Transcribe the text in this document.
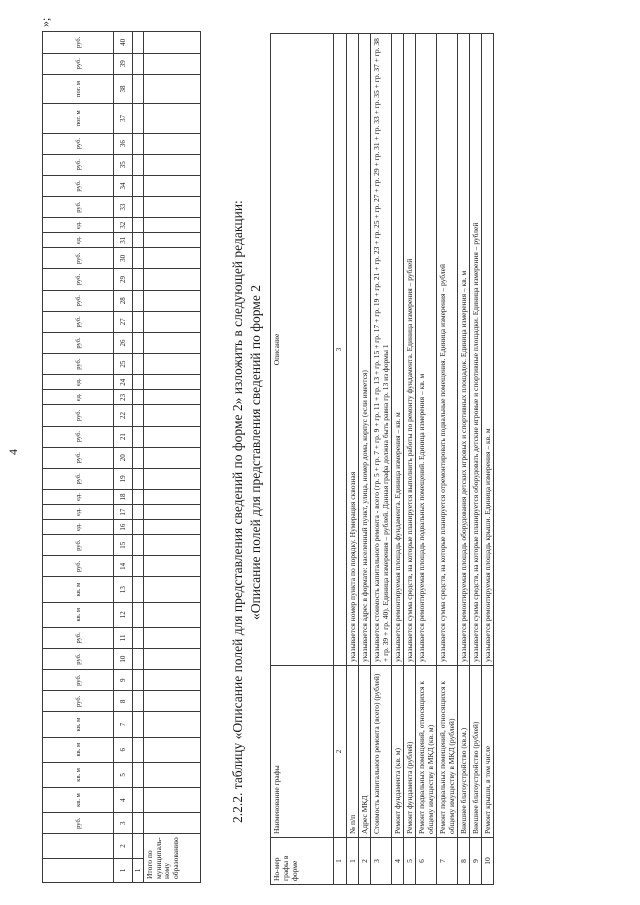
4
		руб.	кв. м	кв. м	кв. м	кв. м	руб.	руб.	руб.	руб.	кв. м	кв. м	руб.	руб.	ед.	ед.	ед.	руб.	руб.	руб.	руб.	ед.	ед.	руб.	руб.	руб.	руб.	руб.	руб.	ед.	ед.	руб.	руб.	руб.	руб.	пог. м	пог. м	руб.	руб.
1	2	3	4	5	6	7	8	9	10	11	12	13	14	15	16	17	18	19	20	21	22	23	24	25	26	27	28	29	30	31	32	33	34	35	36	37	38	39	40
1																																							
Итого по муниципаль-ному образованию																																							
»;
2.2.2. таблицу «Описание полей для представления сведений по форме 2» изложить в следующей редакции: «Описание полей для представления сведений по форме 2
Но-мер графы в форме	Наименование графы	Описание
1	2	3
1	№ п/п	указывается номер пункта по порядку. Нумерация сквозная
2	Адрес МКД	указывается адрес в формате: населенный пункт, улица, номер дома, корпус (если имеется)
3	Стоимость капитального ремонта (всего) (рублей)	указывается стоимость капитального ремонта - всего (гр. 5 + гр. 7 + гр. 9 + гр. 11 + гр. 13 + гр. 15 + гр. 17 + гр. 19 + гр. 21 + гр. 23 + гр. 25 + гр. 27 + гр. 29 + гр. 31 + гр. 33 + гр. 35 + гр. 37 + гр. 38 + гр. 39 + гр. 40). Единица измерения – рублей. Данная графа должна быть равна гр. 13 из формы 1
4	Ремонт фундамента (кв. м)	указывается ремонтируемая площадь фундамента. Единица измерения – кв. м
5	Ремонт фундамента (рублей)	указывается сумма средств, на которые планируется выполнить работы по ремонту фундамента. Единица измерения – рублей
6	Ремонт подвальных помещений, относящихся к общему имуществу в МКД (кв. м)	указывается ремонтируемая площадь подвальных помещений. Единица измерения – кв. м
7	Ремонт подвальных помещений, относящихся к общему имуществу в МКД (рублей)	указывается сумма средств, на которые планируется отремонтировать подвальные помещения. Единица измерения – рублей
8	Внешнее благоустройство (кв.м.)	указывается ремонтируемая площадь оборудования детских игровых и спортивных площадок. Единица измерения – кв. м
9	Внешнее благоустройство (рублей)	указывается сумма средств, на которые планируется оборудовать детские игровые и спортивные площадки. Единица измерения – рублей
10	Ремонт крыши, в том числе	указывается ремонтируемая площадь крыши. Единица измерения – кв. м
